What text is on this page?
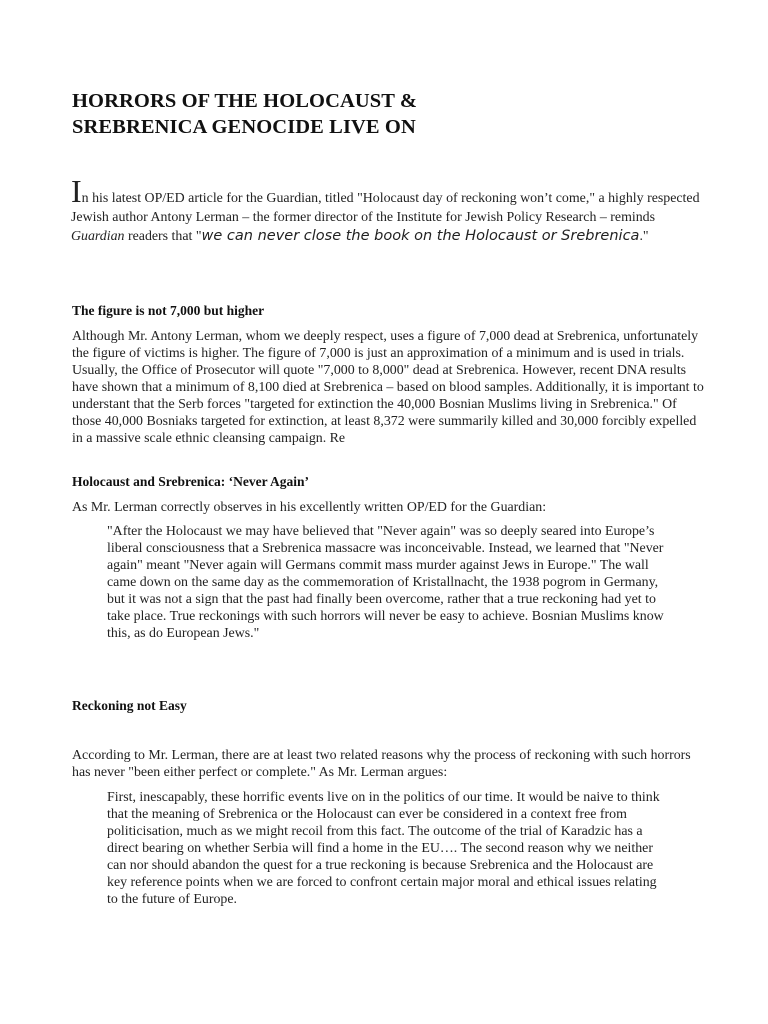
HORRORS OF THE HOLOCAUST &
SREBRENICA GENOCIDE LIVE ON

In his latest OP/ED article for the Guardian, titled "Holocaust day of reckoning won’t come," a highly respected Jewish author Antony Lerman – the former director of the Institute for Jewish Policy Research – reminds Guardian readers that "we can never close the book on the Holocaust or Srebrenica."

The figure is not 7,000 but higher

Although Mr. Antony Lerman, whom we deeply respect, uses a figure of 7,000 dead at Srebrenica, unfortunately the figure of victims is higher. The figure of 7,000 is just an approximation of a minimum and is used in trials. Usually, the Office of Prosecutor will quote "7,000 to 8,000" dead at Srebrenica. However, recent DNA results have shown that a minimum of 8,100 died at Srebrenica – based on blood samples. Additionally, it is important to understant that the Serb forces "targeted for extinction the 40,000 Bosnian Muslims living in Srebrenica." Of those 40,000 Bosniaks targeted for extinction, at least 8,372 were summarily killed and 30,000 forcibly expelled in a massive scale ethnic cleansing campaign. Re

Holocaust and Srebrenica: ‘Never Again’

As Mr. Lerman correctly observes in his excellently written OP/ED for the Guardian:

"After the Holocaust we may have believed that "Never again" was so deeply seared into Europe’s liberal consciousness that a Srebrenica massacre was inconceivable. Instead, we learned that "Never again" meant "Never again will Germans commit mass murder against Jews in Europe." The wall came down on the same day as the commemoration of Kristallnacht, the 1938 pogrom in Germany, but it was not a sign that the past had finally been overcome, rather that a true reckoning had yet to take place. True reckonings with such horrors will never be easy to achieve. Bosnian Muslims know this, as do European Jews."

Reckoning not Easy

According to Mr. Lerman, there are at least two related reasons why the process of reckoning with such horrors has never "been either perfect or complete." As Mr. Lerman argues:

First, inescapably, these horrific events live on in the politics of our time. It would be naive to think that the meaning of Srebrenica or the Holocaust can ever be considered in a context free from politicisation, much as we might recoil from this fact. The outcome of the trial of Karadzic has a direct bearing on whether Serbia will find a home in the EU…. The second reason why we neither can nor should abandon the quest for a true reckoning is because Srebrenica and the Holocaust are key reference points when we are forced to confront certain major moral and ethical issues relating to the future of Europe.
